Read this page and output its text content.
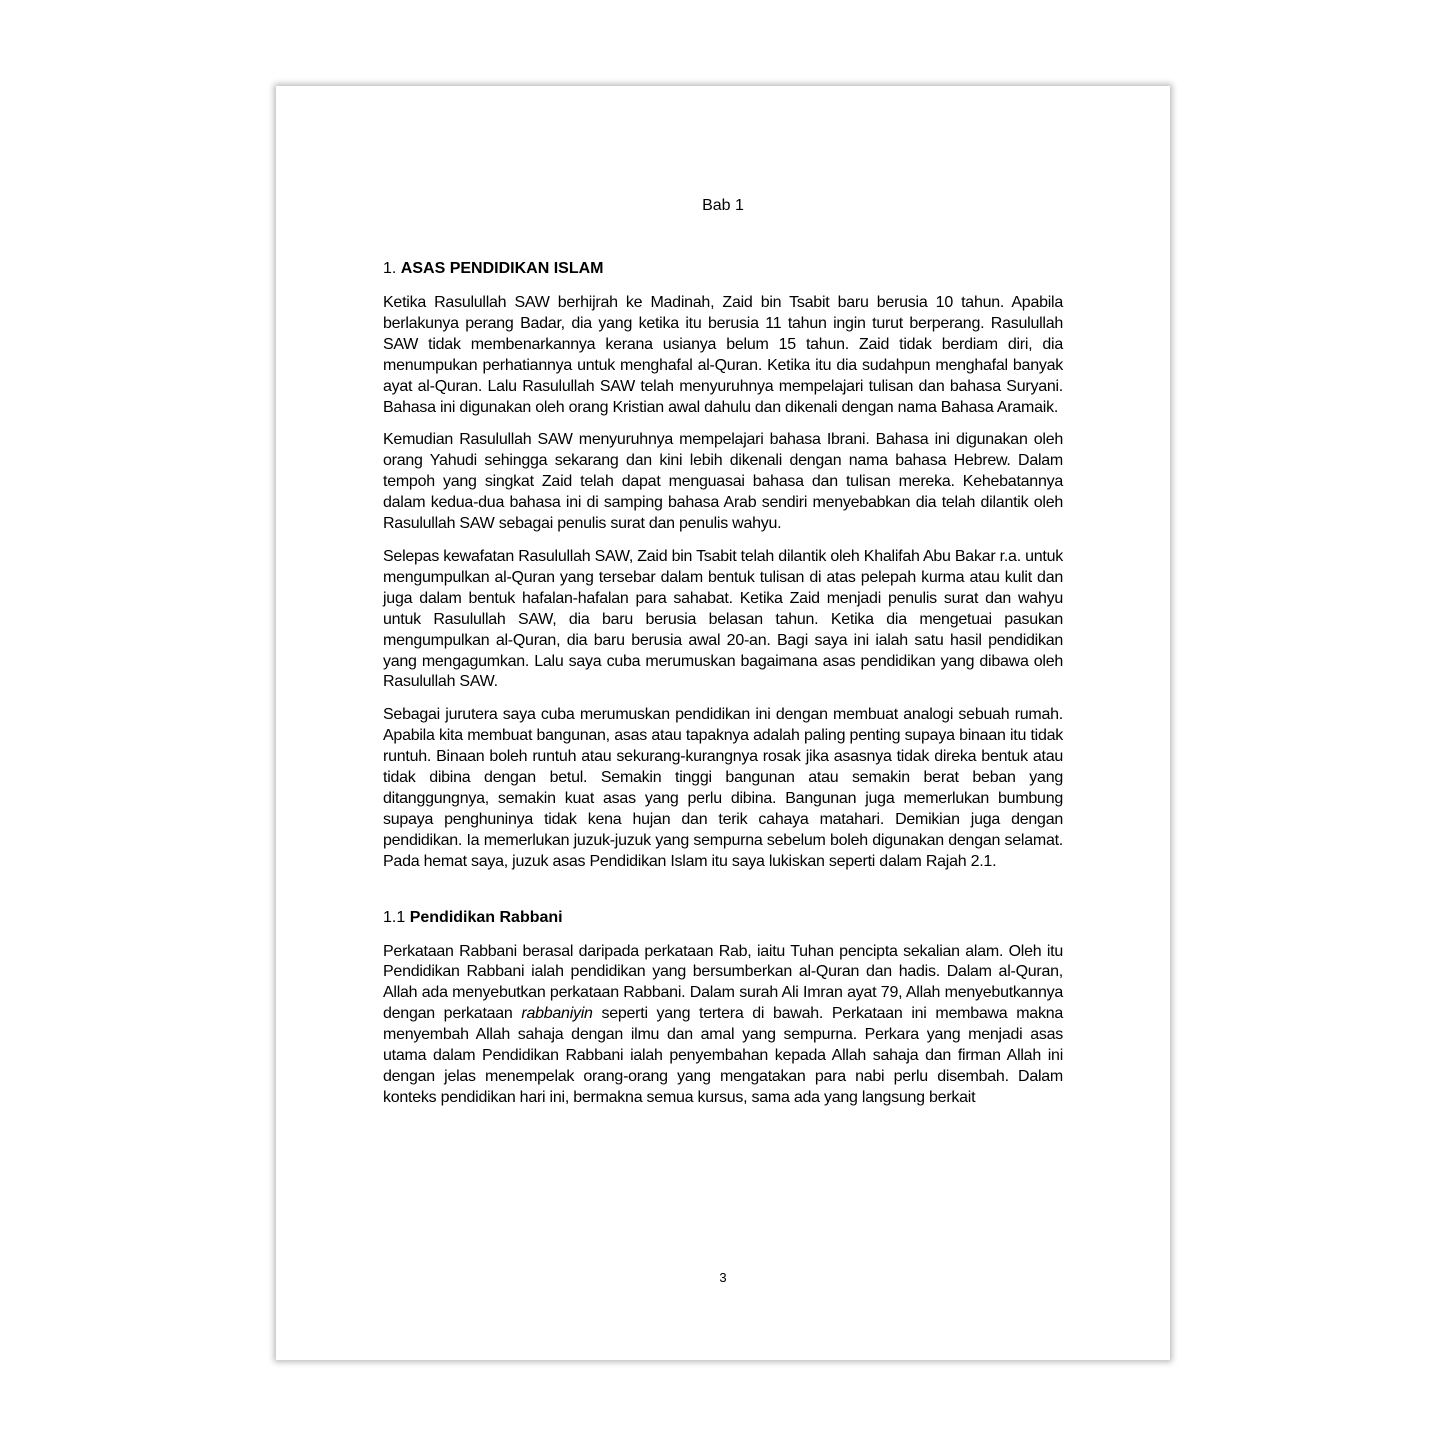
Bab 1
1. ASAS PENDIDIKAN ISLAM

Ketika Rasulullah SAW berhijrah ke Madinah, Zaid bin Tsabit baru berusia 10 tahun. Apabila berlakunya perang Badar, dia yang ketika itu berusia 11 tahun ingin turut berperang. Rasulullah SAW tidak membenarkannya kerana usianya belum 15 tahun. Zaid tidak berdiam diri, dia menumpukan perhatiannya untuk menghafal al-Quran. Ketika itu dia sudahpun menghafal banyak ayat al-Quran. Lalu Rasulullah SAW telah menyuruhnya mempelajari tulisan dan bahasa Suryani. Bahasa ini digunakan oleh orang Kristian awal dahulu dan dikenali dengan nama Bahasa Aramaik.

Kemudian Rasulullah SAW menyuruhnya mempelajari bahasa Ibrani. Bahasa ini digunakan oleh orang Yahudi sehingga sekarang dan kini lebih dikenali dengan nama bahasa Hebrew. Dalam tempoh yang singkat Zaid telah dapat menguasai bahasa dan tulisan mereka. Kehebatannya dalam kedua-dua bahasa ini di samping bahasa Arab sendiri menyebabkan dia telah dilantik oleh Rasulullah SAW sebagai penulis surat dan penulis wahyu.

Selepas kewafatan Rasulullah SAW, Zaid bin Tsabit telah dilantik oleh Khalifah Abu Bakar r.a. untuk mengumpulkan al-Quran yang tersebar dalam bentuk tulisan di atas pelepah kurma atau kulit dan juga dalam bentuk hafalan-hafalan para sahabat. Ketika Zaid menjadi penulis surat dan wahyu untuk Rasulullah SAW, dia baru berusia belasan tahun. Ketika dia mengetuai pasukan mengumpulkan al-Quran, dia baru berusia awal 20-an. Bagi saya ini ialah satu hasil pendidikan yang mengagumkan. Lalu saya cuba merumuskan bagaimana asas pendidikan yang dibawa oleh Rasulullah SAW.

Sebagai jurutera saya cuba merumuskan pendidikan ini dengan membuat analogi sebuah rumah. Apabila kita membuat bangunan, asas atau tapaknya adalah paling penting supaya binaan itu tidak runtuh. Binaan boleh runtuh atau sekurang-kurangnya rosak jika asasnya tidak direka bentuk atau tidak dibina dengan betul. Semakin tinggi bangunan atau semakin berat beban yang ditanggungnya, semakin kuat asas yang perlu dibina. Bangunan juga memerlukan bumbung supaya penghuninya tidak kena hujan dan terik cahaya matahari. Demikian juga dengan pendidikan. Ia memerlukan juzuk-juzuk yang sempurna sebelum boleh digunakan dengan selamat. Pada hemat saya, juzuk asas Pendidikan Islam itu saya lukiskan seperti dalam Rajah 2.1.

1.1 Pendidikan Rabbani

Perkataan Rabbani berasal daripada perkataan Rab, iaitu Tuhan pencipta sekalian alam. Oleh itu Pendidikan Rabbani ialah pendidikan yang bersumberkan al-Quran dan hadis. Dalam al-Quran, Allah ada menyebutkan perkataan Rabbani. Dalam surah Ali Imran ayat 79, Allah menyebutkannya dengan perkataan rabbaniyin seperti yang tertera di bawah. Perkataan ini membawa makna menyembah Allah sahaja dengan ilmu dan amal yang sempurna. Perkara yang menjadi asas utama dalam Pendidikan Rabbani ialah penyembahan kepada Allah sahaja dan firman Allah ini dengan jelas menempelak orang-orang yang mengatakan para nabi perlu disembah. Dalam konteks pendidikan hari ini, bermakna semua kursus, sama ada yang langsung berkait

3
